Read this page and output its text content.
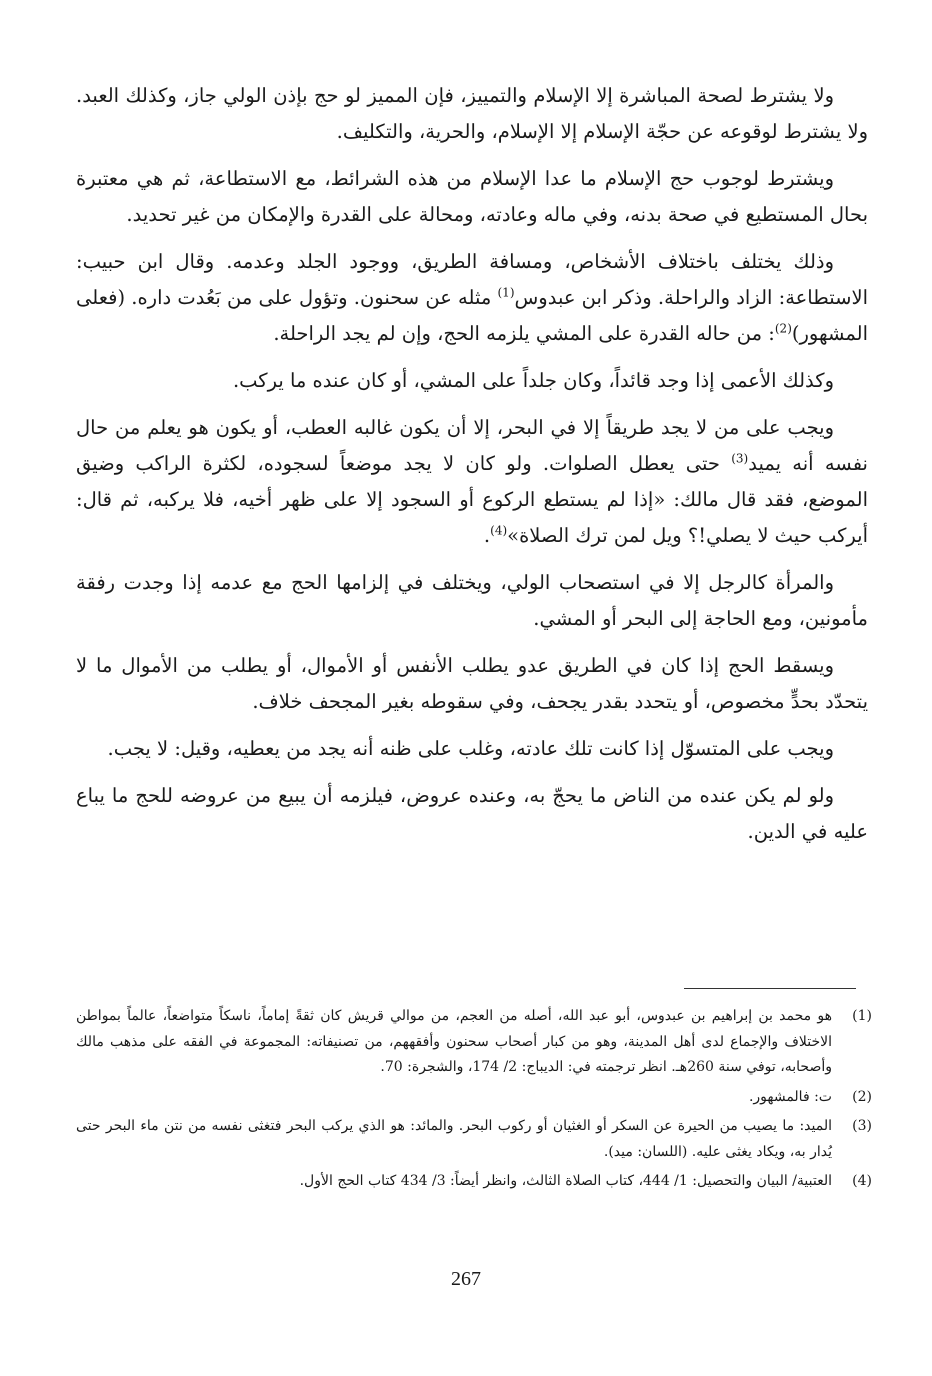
ولا يشترط لصحة المباشرة إلا الإسلام والتمييز، فإن المميز لو حج بإذن الولي جاز، وكذلك العبد. ولا يشترط لوقوعه عن حجّة الإسلام إلا الإسلام، والحرية، والتكليف.

ويشترط لوجوب حج الإسلام ما عدا الإسلام من هذه الشرائط، مع الاستطاعة، ثم هي معتبرة بحال المستطيع في صحة بدنه، وفي ماله وعادته، ومحالة على القدرة والإمكان من غير تحديد.

وذلك يختلف باختلاف الأشخاص، ومسافة الطريق، ووجود الجلد وعدمه. وقال ابن حبيب: الاستطاعة: الزاد والراحلة. وذكر ابن عبدوس$^{(1)}$ مثله عن سحنون. وتؤول على من بَعُدت داره. (فعلى المشهور)$^{(2)}$: من حاله القدرة على المشي يلزمه الحج، وإن لم يجد الراحلة.

وكذلك الأعمى إذا وجد قائداً، وكان جلداً على المشي، أو كان عنده ما يركب.

ويجب على من لا يجد طريقاً إلا في البحر، إلا أن يكون غالبه العطب، أو يكون هو يعلم من حال نفسه أنه يميد$^{(3)}$ حتى يعطل الصلوات. ولو كان لا يجد موضعاً لسجوده، لكثرة الراكب وضيق الموضع، فقد قال مالك: «إذا لم يستطع الركوع أو السجود إلا على ظهر أخيه، فلا يركبه، ثم قال: أيركب حيث لا يصلي!؟ ويل لمن ترك الصلاة»$^{(4)}$.

والمرأة كالرجل إلا في استصحاب الولي، ويختلف في إلزامها الحج مع عدمه إذا وجدت رفقة مأمونين، ومع الحاجة إلى البحر أو المشي.

ويسقط الحج إذا كان في الطريق عدو يطلب الأنفس أو الأموال، أو يطلب من الأموال ما لا يتحدّد بحدٍّ مخصوص، أو يتحدد بقدر يجحف، وفي سقوطه بغير المجحف خلاف.

ويجب على المتسوّل إذا كانت تلك عادته، وغلب على ظنه أنه يجد من يعطيه، وقيل: لا يجب.

ولو لم يكن عنده من الناض ما يحجّ به، وعنده عروض، فيلزمه أن يبيع من عروضه للحج ما يباع عليه في الدين.

(1)
هو محمد بن إبراهيم بن عبدوس، أبو عبد الله، أصله من العجم، من موالي قريش كان ثقةً إماماً، ناسكاً متواضعاً، عالماً بمواطن الاختلاف والإجماع لدى أهل المدينة، وهو من كبار أصحاب سحنون وأفقههم، من تصنيفاته: المجموعة في الفقه على مذهب مالك وأصحابه، توفي سنة 260هـ. انظر ترجمته في: الديباج: 2/ 174، والشجرة: 70.
(2)
ت: فالمشهور.
(3)
الميد: ما يصيب من الحيرة عن السكر أو الغثيان أو ركوب البحر. والمائد: هو الذي يركب البحر فتغثى نفسه من نتن ماء البحر حتى يُدار به، ويكاد يغثى عليه. (اللسان: ميد).
(4)
العتبية/ البيان والتحصيل: 1/ 444، كتاب الصلاة الثالث، وانظر أيضاً: 3/ 434 كتاب الحج الأول.
267
